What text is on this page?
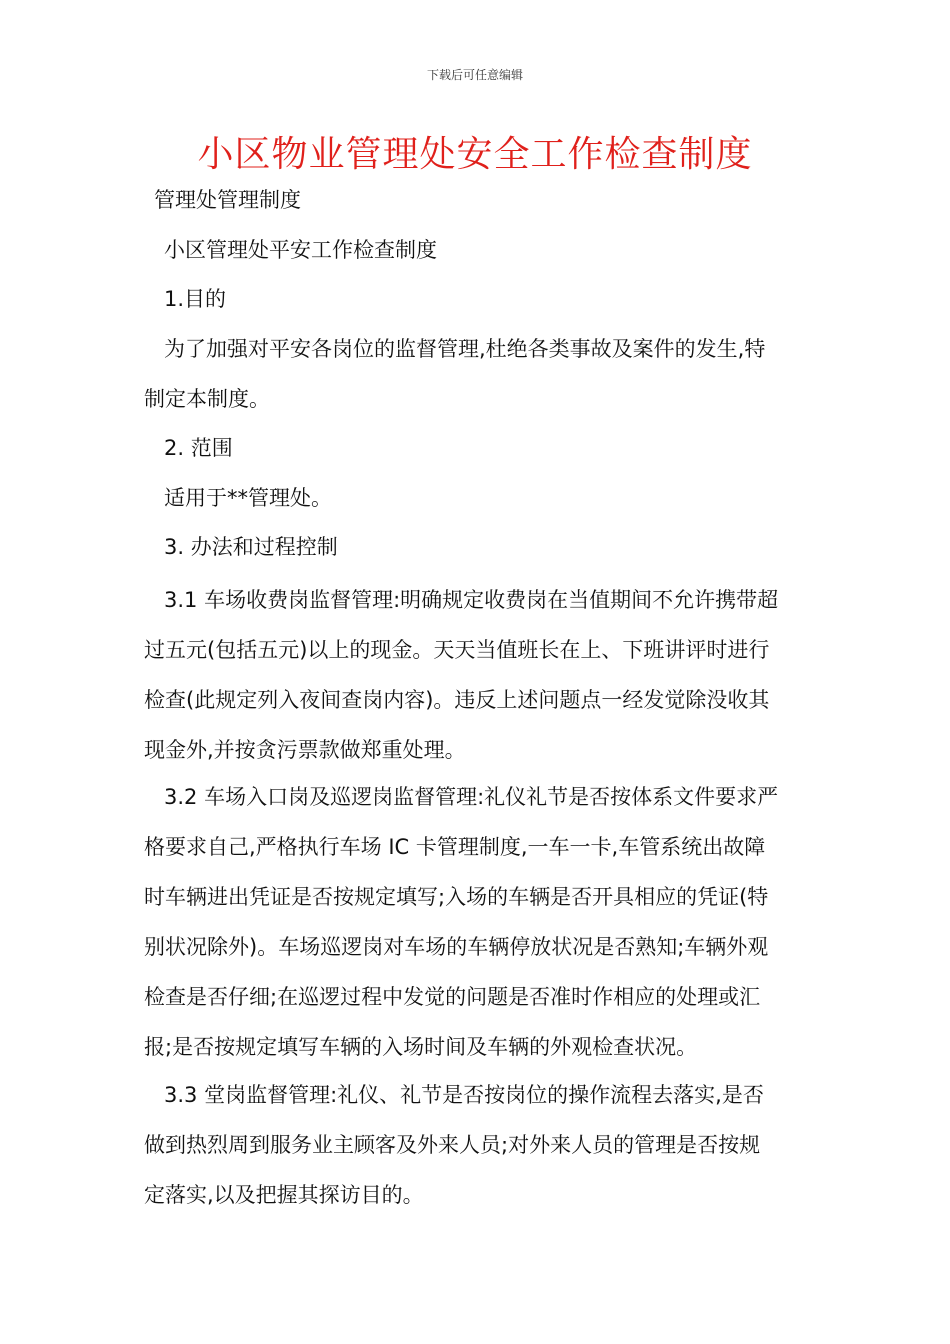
下载后可任意编辑
小区物业管理处安全工作检查制度
管理处管理制度
小区管理处平安工作检查制度
1.目的
为了加强对平安各岗位的监督管理,杜绝各类事故及案件的发生,特
制定本制度。
2. 范围
适用于**管理处。
3. 办法和过程控制
3.1 车场收费岗监督管理:明确规定收费岗在当值期间不允许携带超
过五元(包括五元)以上的现金。天天当值班长在上、下班讲评时进行
检查(此规定列入夜间查岗内容)。违反上述问题点一经发觉除没收其
现金外,并按贪污票款做郑重处理。
3.2 车场入口岗及巡逻岗监督管理:礼仪礼节是否按体系文件要求严
格要求自己,严格执行车场 IC 卡管理制度,一车一卡,车管系统出故障
时车辆进出凭证是否按规定填写;入场的车辆是否开具相应的凭证(特
别状况除外)。车场巡逻岗对车场的车辆停放状况是否熟知;车辆外观
检查是否仔细;在巡逻过程中发觉的问题是否准时作相应的处理或汇
报;是否按规定填写车辆的入场时间及车辆的外观检查状况。
3.3 堂岗监督管理:礼仪、礼节是否按岗位的操作流程去落实,是否
做到热烈周到服务业主顾客及外来人员;对外来人员的管理是否按规
定落实,以及把握其探访目的。
